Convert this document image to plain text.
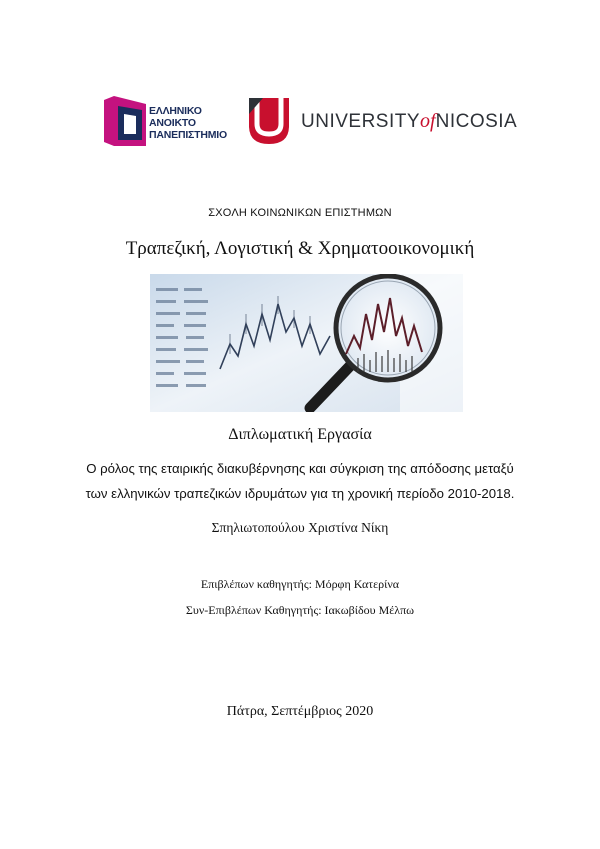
ΕΛΛΗΝΙΚΟ
ΑΝΟΙΚΤΟ
ΠΑΝΕΠΙΣΤΗΜΙΟ
UNIVERSITYofNICOSIA
ΣΧΟΛΗ ΚΟΙΝΩΝΙΚΩΝ ΕΠΙΣΤΗΜΩΝ
Τραπεζική, Λογιστική & Χρηματοοικονομική
Διπλωματική Εργασία
Ο ρόλος της εταιρικής διακυβέρνησης και σύγκριση της απόδοσης μεταξύ
των ελληνικών τραπεζικών ιδρυμάτων για τη χρονική περίοδο 2010-2018.
Σπηλιωτοπούλου Χριστίνα Νίκη
Επιβλέπων καθηγητής: Μόρφη Κατερίνα
Συν-Επιβλέπων Καθηγητής: Ιακωβίδου Μέλπω
Πάτρα, Σεπτέμβριος 2020
